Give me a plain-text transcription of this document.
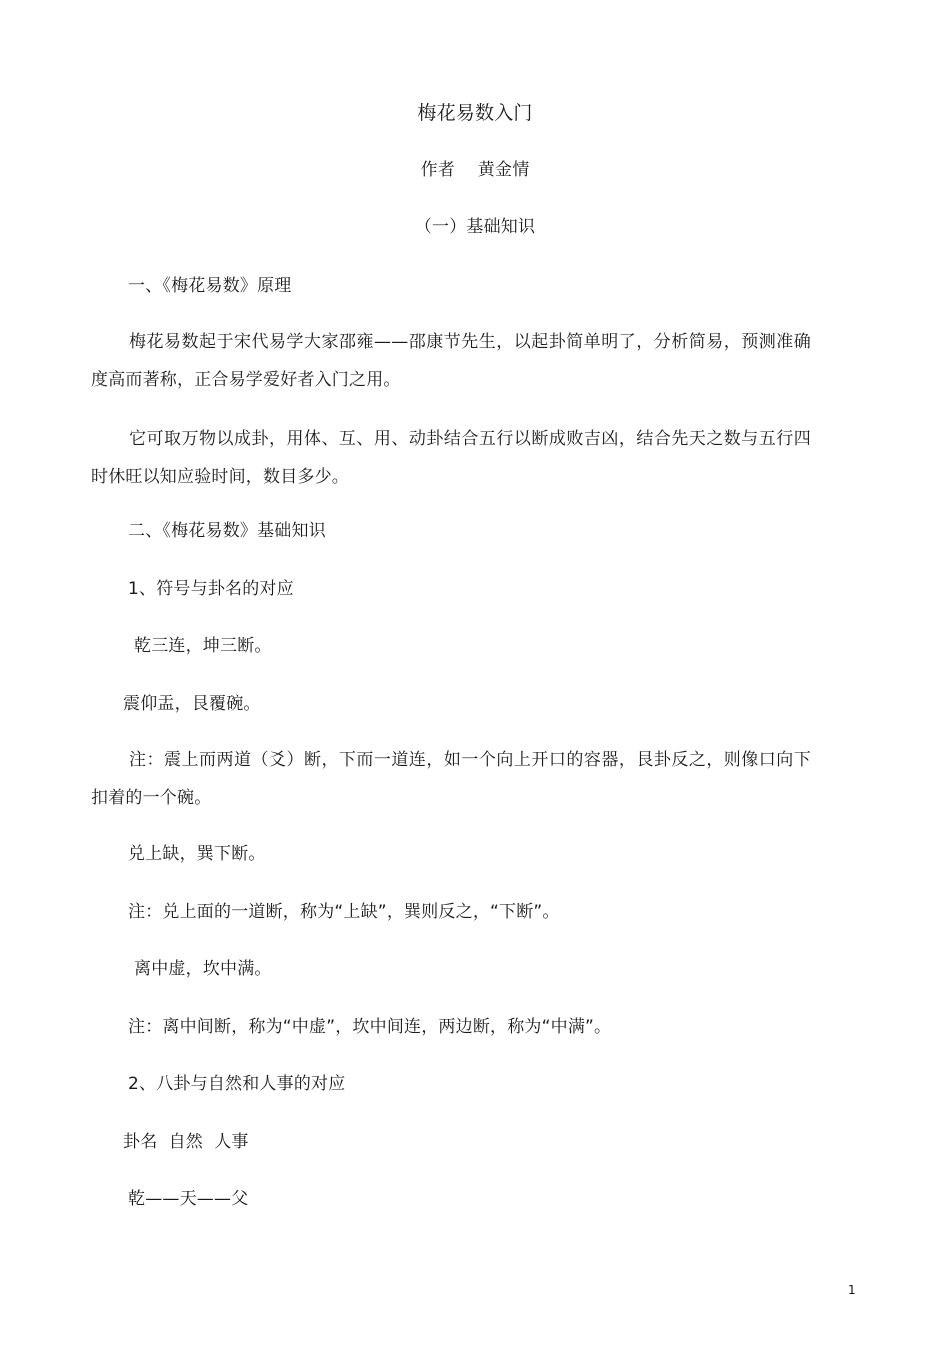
梅花易数入门
作者　 黄金情
（一）基础知识
一、《梅花易数》原理
梅花易数起于宋代易学大家邵雍——邵康节先生，以起卦简单明了，分析简易，预测准确度高而著称，正合易学爱好者入门之用。
它可取万物以成卦，用体、互、用、动卦结合五行以断成败吉凶，结合先天之数与五行四时休旺以知应验时间，数目多少。
二、《梅花易数》基础知识
1、符号与卦名的对应
乾三连，坤三断。
震仰盂，艮覆碗。
注：震上而两道（爻）断，下而一道连，如一个向上开口的容器，艮卦反之，则像口向下扣着的一个碗。
兑上缺，巽下断。
注：兑上面的一道断，称为“上缺”，巽则反之，“下断”。
离中虚，坎中满。
注：离中间断，称为“中虚”，坎中间连，两边断，称为“中满”。
2、八卦与自然和人事的对应
卦名  自然  人事
乾——天——父
1
